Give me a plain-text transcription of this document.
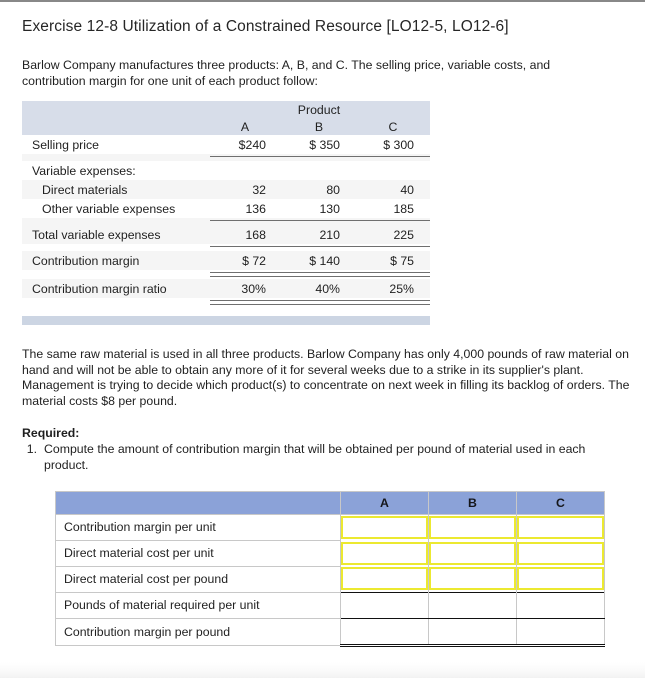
Exercise 12-8 Utilization of a Constrained Resource [LO12-5, LO12-6]

Barlow Company manufactures three products: A, B, and C. The selling price, variable costs, and contribution margin for one unit of each product follow:

		Product	
	A	B	C
Selling price	$240	$ 350	$ 300

Variable expenses:			
Direct materials	32	80	40
Other variable expenses	136	130	185

Total variable expenses	168	210	225

Contribution margin	$ 72	$ 140	$ 75

Contribution margin ratio	30%	40%	25%

The same raw material is used in all three products. Barlow Company has only 4,000 pounds of raw material on hand and will not be able to obtain any more of it for several weeks due to a strike in its supplier's plant. Management is trying to decide which product(s) to concentrate on next week in filling its backlog of orders. The material costs $8 per pound.

Required:

1. Compute the amount of contribution margin that will be obtained per pound of material used in each product.
	A	B	C
Contribution margin per unit	

Direct material cost per unit	

Direct material cost per pound	

Pounds of material required per unit			
Contribution margin per pound			
